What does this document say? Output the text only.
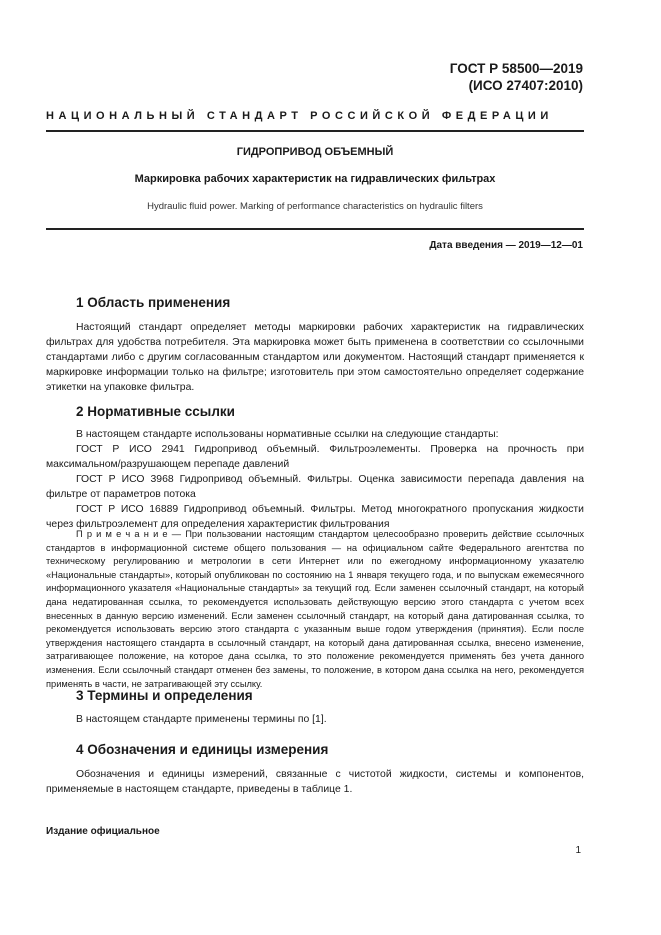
ГОСТ Р 58500—2019
(ИСО 27407:2010)
НАЦИОНАЛЬНЫЙ СТАНДАРТ РОССИЙСКОЙ ФЕДЕРАЦИИ
ГИДРОПРИВОД ОБЪЕМНЫЙ
Маркировка рабочих характеристик на гидравлических фильтрах
Hydraulic fluid power. Marking of performance characteristics on hydraulic filters
Дата введения — 2019—12—01
1 Область применения

Настоящий стандарт определяет методы маркировки рабочих характеристик на гидравлических фильтрах для удобства потребителя. Эта маркировка может быть применена в соответствии со ссылочными стандартами либо с другим согласованным стандартом или документом. Настоящий стандарт применяется к маркировке информации только на фильтре; изготовитель при этом самостоятельно определяет содержание этикетки на упаковке фильтра.

2 Нормативные ссылки

В настоящем стандарте использованы нормативные ссылки на следующие стандарты:

ГОСТ Р ИСО 2941 Гидропривод объемный. Фильтроэлементы. Проверка на прочность при максимальном/разрушающем перепаде давлений

ГОСТ Р ИСО 3968 Гидропривод объемный. Фильтры. Оценка зависимости перепада давления на фильтре от параметров потока

ГОСТ Р ИСО 16889 Гидропривод объемный. Фильтры. Метод многократного пропускания жидкости через фильтроэлемент для определения характеристик фильтрования

П р и м е ч а н и е — При пользовании настоящим стандартом целесообразно проверить действие ссылочных стандартов в информационной системе общего пользования — на официальном сайте Федерального агентства по техническому регулированию и метрологии в сети Интернет или по ежегодному информационному указателю «Национальные стандарты», который опубликован по состоянию на 1 января текущего года, и по выпускам ежемесячного информационного указателя «Национальные стандарты» за текущий год. Если заменен ссылочный стандарт, на который дана недатированная ссылка, то рекомендуется использовать действующую версию этого стандарта с учетом всех внесенных в данную версию изменений. Если заменен ссылочный стандарт, на который дана датированная ссылка, то рекомендуется использовать версию этого стандарта с указанным выше годом утверждения (принятия). Если после утверждения настоящего стандарта в ссылочный стандарт, на который дана датированная ссылка, внесено изменение, затрагивающее положение, на которое дана ссылка, то это положение рекомендуется применять без учета данного изменения. Если ссылочный стандарт отменен без замены, то положение, в котором дана ссылка на него, рекомендуется применять в части, не затрагивающей эту ссылку.

3 Термины и определения

В настоящем стандарте применены термины по [1].

4 Обозначения и единицы измерения

Обозначения и единицы измерений, связанные с чистотой жидкости, системы и компонентов, применяемые в настоящем стандарте, приведены в таблице 1.

Издание официальное
1
